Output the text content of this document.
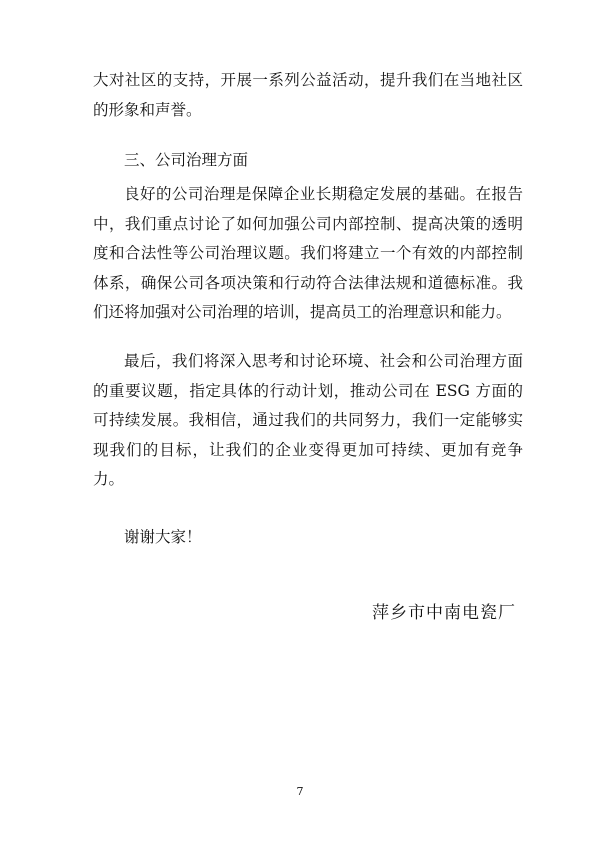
大对社区的支持，开展一系列公益活动，提升我们在当地社区的形象和声誉。

三、公司治理方面

良好的公司治理是保障企业长期稳定发展的基础。在报告中，我们重点讨论了如何加强公司内部控制、提高决策的透明度和合法性等公司治理议题。我们将建立一个有效的内部控制体系，确保公司各项决策和行动符合法律法规和道德标准。我们还将加强对公司治理的培训，提高员工的治理意识和能力。

最后，我们将深入思考和讨论环境、社会和公司治理方面的重要议题，指定具体的行动计划，推动公司在 ESG 方面的可持续发展。我相信，通过我们的共同努力，我们一定能够实现我们的目标，让我们的企业变得更加可持续、更加有竞争力。

谢谢大家！

萍乡市中南电瓷厂

7
